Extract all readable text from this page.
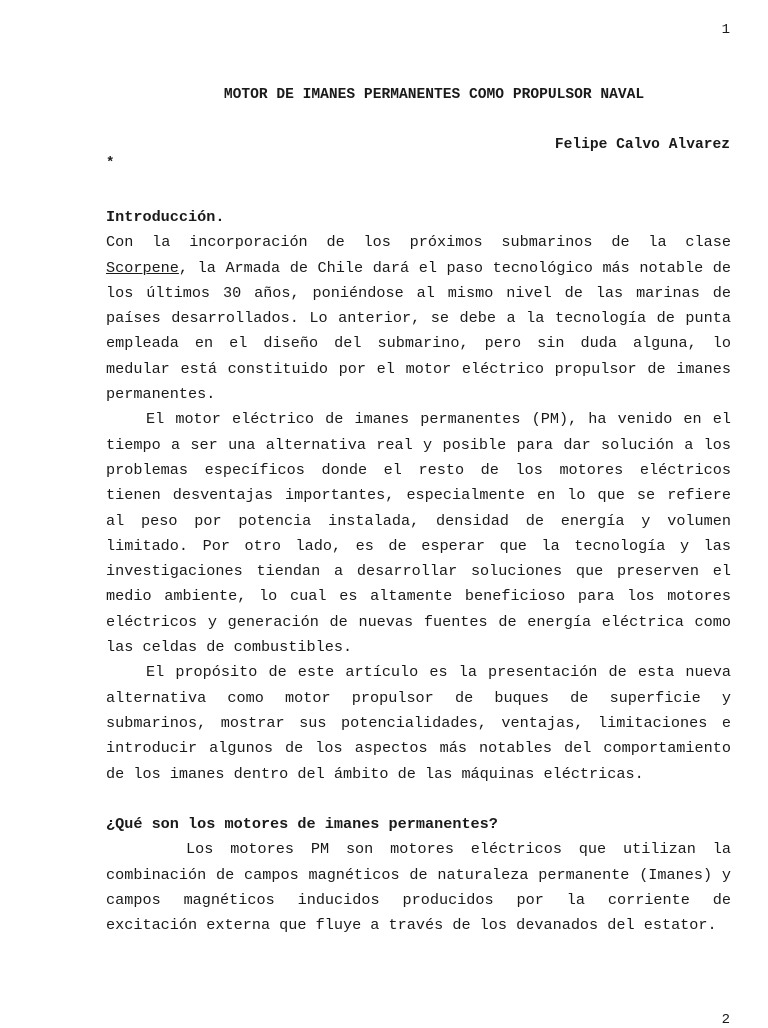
1
MOTOR DE IMANES PERMANENTES COMO PROPULSOR NAVAL
Felipe Calvo Alvarez
*
Introducción.

Con la incorporación de los próximos submarinos de la clase Scorpene, la Armada de Chile dará el paso tecnológico más notable de los últimos 30 años, poniéndose al mismo nivel de las marinas de países desarrollados. Lo anterior, se debe a la tecnología de punta empleada en el diseño del submarino, pero sin duda alguna, lo medular está constituido por el motor eléctrico propulsor de imanes permanentes.

El motor eléctrico de imanes permanentes (PM), ha venido en el tiempo a ser una alternativa real y posible para dar solución a los problemas específicos donde el resto de los motores eléctricos tienen desventajas importantes, especialmente en lo que se refiere al peso por potencia instalada, densidad de energía y volumen limitado. Por otro lado, es de esperar que la tecnología y las investigaciones tiendan a desarrollar soluciones que preserven el medio ambiente, lo cual es altamente beneficioso para los motores eléctricos y generación de nuevas fuentes de energía eléctrica como las celdas de combustibles.

El propósito de este artículo es la presentación de esta nueva alternativa como motor propulsor de buques de superficie y submarinos, mostrar sus potencialidades, ventajas, limitaciones e introducir algunos de los aspectos más notables del comportamiento de los imanes dentro del ámbito de las máquinas eléctricas.

¿Qué son los motores de imanes permanentes?

Los motores PM son motores eléctricos que utilizan la combinación de campos magnéticos de naturaleza permanente (Imanes) y campos magnéticos inducidos producidos por la corriente de excitación externa que fluye a través de los devanados del estator.

2
